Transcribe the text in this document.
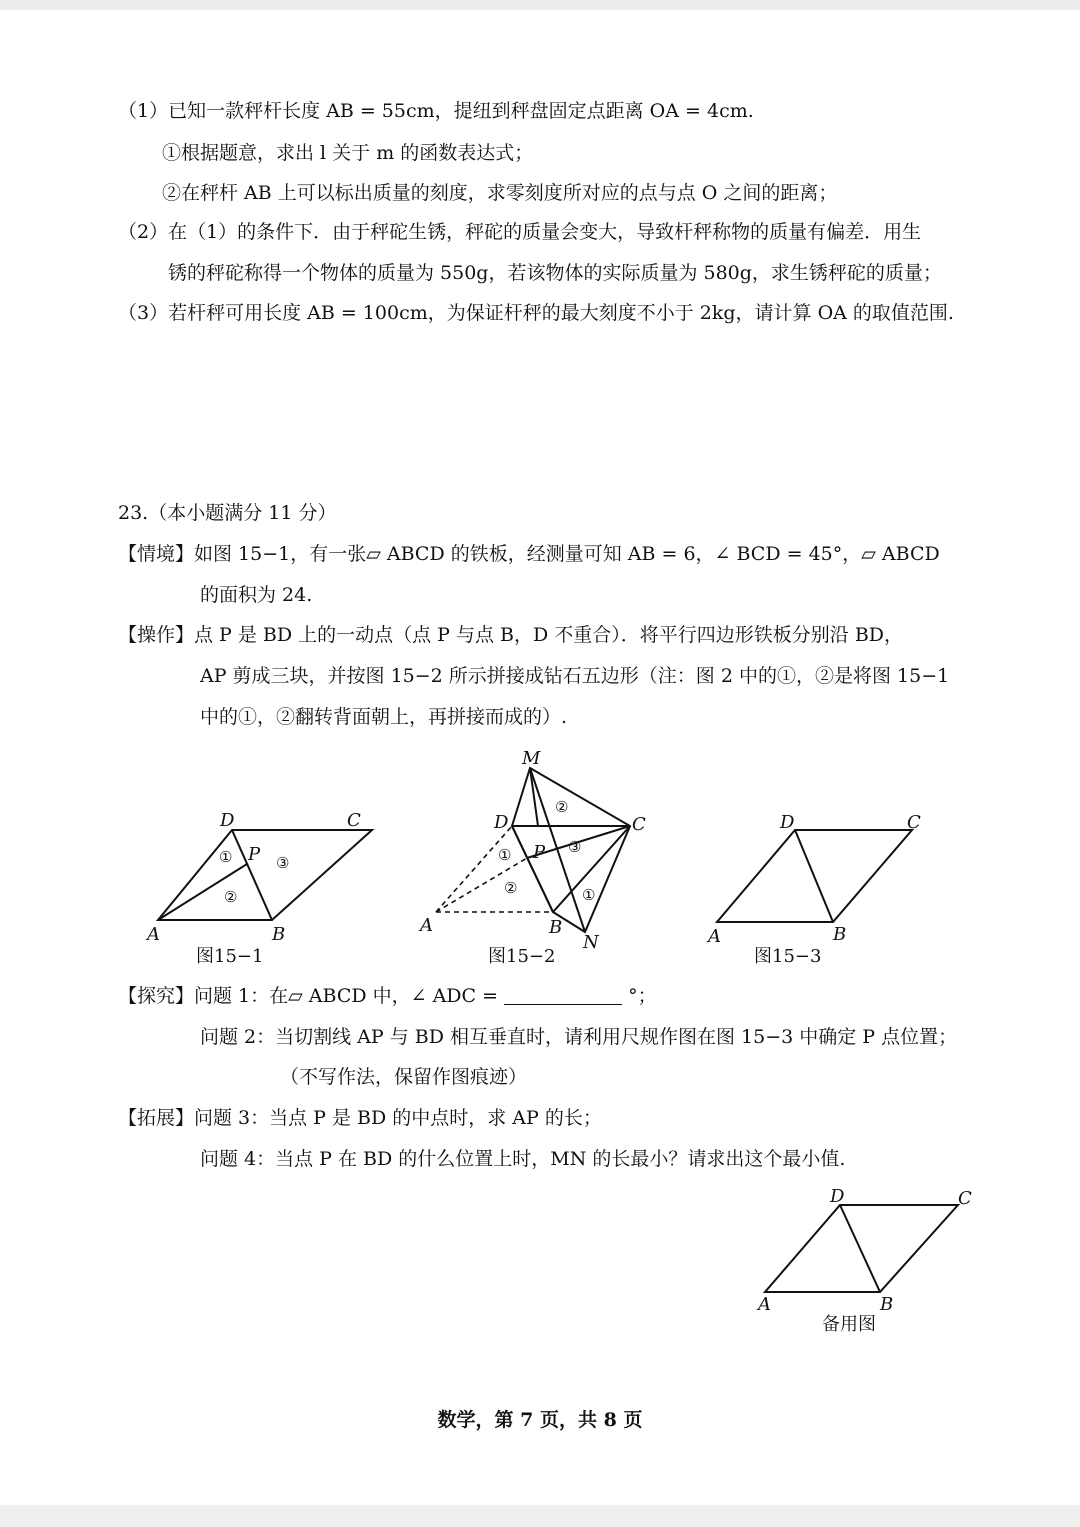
（1）已知一款秤杆长度 AB = 55cm，提纽到秤盘固定点距离 OA = 4cm.
①根据题意，求出 l 关于 m 的函数表达式；
②在秤杆 AB 上可以标出质量的刻度，求零刻度所对应的点与点 O 之间的距离；
（2）在（1）的条件下．由于秤砣生锈，秤砣的质量会变大，导致杆秤称物的质量有偏差．用生
锈的秤砣称得一个物体的质量为 550g，若该物体的实际质量为 580g，求生锈秤砣的质量；
（3）若杆秤可用长度 AB = 100cm，为保证杆秤的最大刻度不小于 2kg，请计算 OA 的取值范围.
23.（本小题满分 11 分）
【情境】如图 15−1，有一张▱ ABCD 的铁板，经测量可知 AB = 6，∠ BCD = 45°，▱ ABCD
的面积为 24.
【操作】点 P 是 BD 上的一动点（点 P 与点 B，D 不重合）．将平行四边形铁板分别沿 BD，
AP 剪成三块，并按图 15−2 所示拼接成钻石五边形（注：图 2 中的①，②是将图 15−1
中的①，②翻转背面朝上，再拼接而成的）.
D	C
A	B
P
①
②
③
图15−1
M
D	C
A	B
N
P
②
③
①
②	①
图15−2
D	C
A	B
图15−3
【探究】问题 1：在▱ ABCD 中，∠ ADC =	°；
问题 2：当切割线 AP 与 BD 相互垂直时，请利用尺规作图在图 15−3 中确定 P 点位置；
（不写作法，保留作图痕迹）
【拓展】问题 3：当点 P 是 BD 的中点时，求 AP 的长；
问题 4：当点 P 在 BD 的什么位置上时，MN 的长最小？请求出这个最小值.
D	C
A	B
备用图
数学，第 7 页，共 8 页
